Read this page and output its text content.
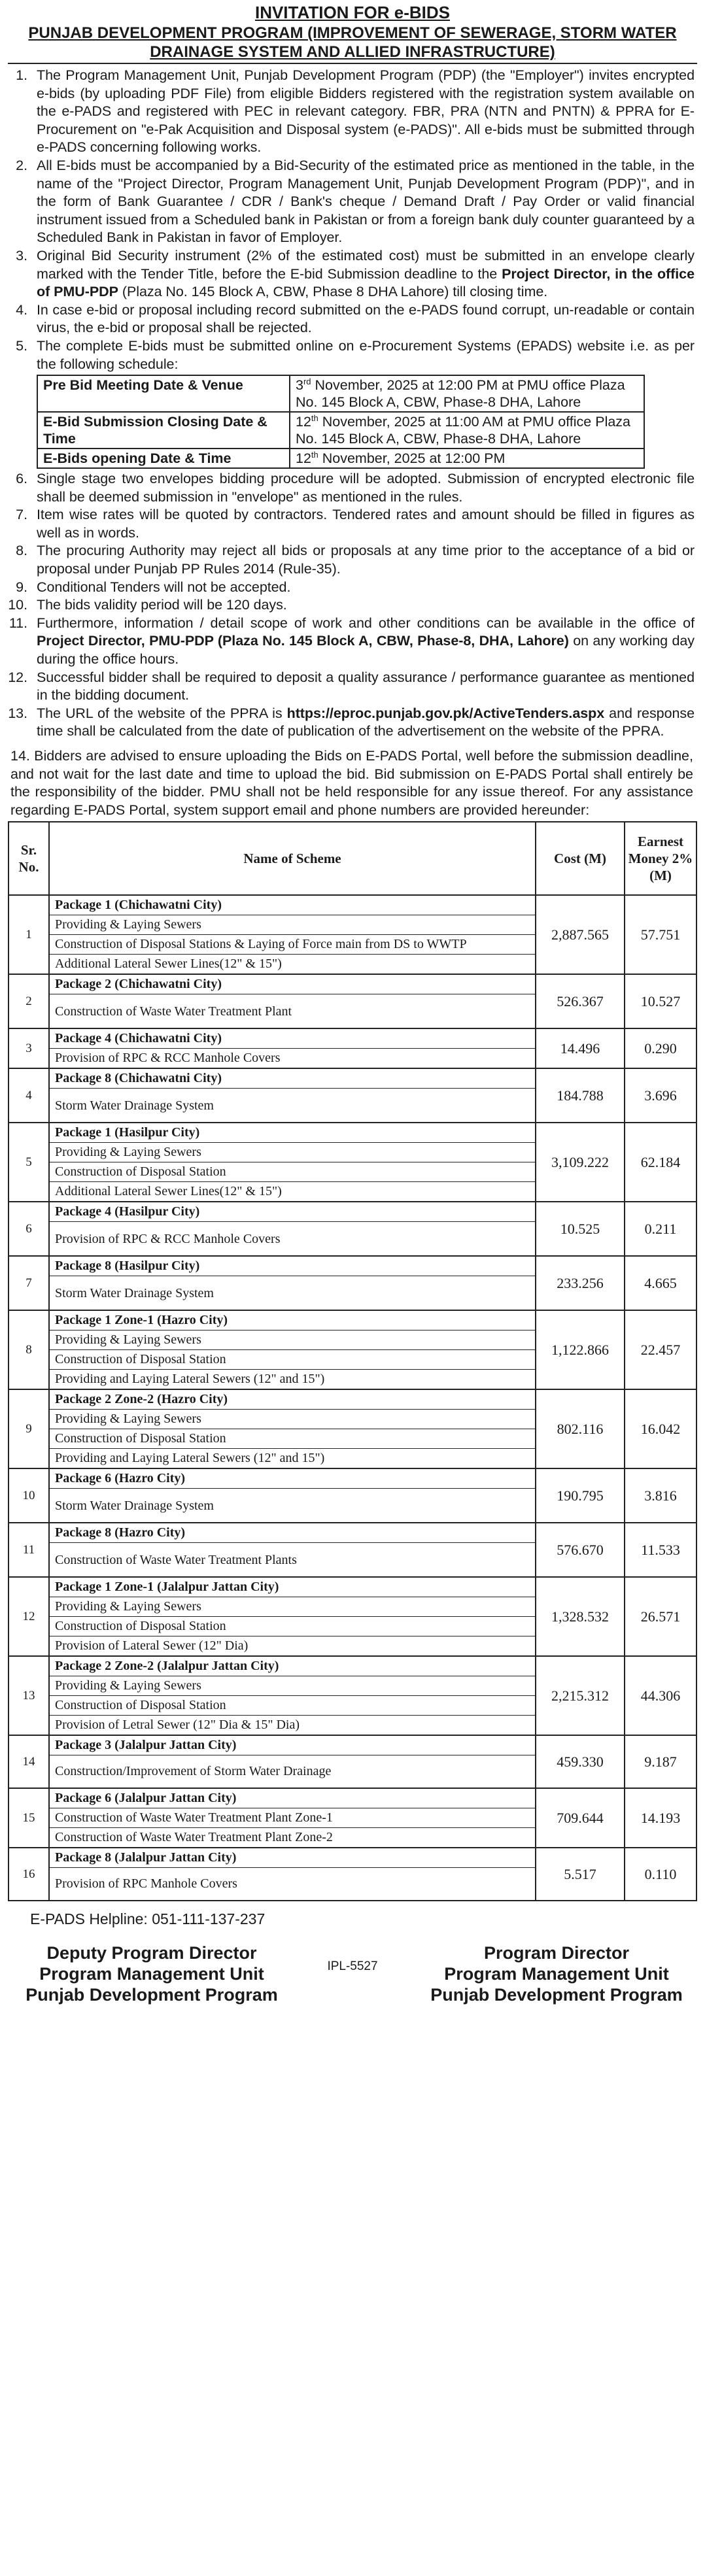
INVITATION FOR e-BIDS
PUNJAB DEVELOPMENT PROGRAM (IMPROVEMENT OF SEWERAGE, STORM WATER DRAINAGE SYSTEM AND ALLIED INFRASTRUCTURE)
1. The Program Management Unit, Punjab Development Program (PDP) (the "Employer") invites encrypted e-bids (by uploading PDF File) from eligible Bidders registered with the registration system available on the e-PADS and registered with PEC in relevant category. FBR, PRA (NTN and PNTN) & PPRA for E-Procurement on "e-Pak Acquisition and Disposal system (e-PADS)". All e-bids must be submitted through e-PADS concerning following works.
2. All E-bids must be accompanied by a Bid-Security of the estimated price as mentioned in the table, in the name of the "Project Director, Program Management Unit, Punjab Development Program (PDP)", and in the form of Bank Guarantee / CDR / Bank's cheque / Demand Draft / Pay Order or valid financial instrument issued from a Scheduled bank in Pakistan or from a foreign bank duly counter guaranteed by a Scheduled Bank in Pakistan in favor of Employer.
3. Original Bid Security instrument (2% of the estimated cost) must be submitted in an envelope clearly marked with the Tender Title, before the E-bid Submission deadline to the Project Director, in the office of PMU-PDP (Plaza No. 145 Block A, CBW, Phase 8 DHA Lahore) till closing time.
4. In case e-bid or proposal including record submitted on the e-PADS found corrupt, un-readable or contain virus, the e-bid or proposal shall be rejected.
5. The complete E-bids must be submitted online on e-Procurement Systems (EPADS) website i.e. as per the following schedule:
Pre Bid Meeting Date & Venue	3rd November, 2025 at 12:00 PM at PMU office Plaza No. 145 Block A, CBW, Phase-8 DHA, Lahore
E-Bid Submission Closing Date & Time	12th November, 2025 at 11:00 AM at PMU office Plaza No. 145 Block A, CBW, Phase-8 DHA, Lahore
E-Bids opening Date & Time	12th November, 2025 at 12:00 PM
6. Single stage two envelopes bidding procedure will be adopted. Submission of encrypted electronic file shall be deemed submission in "envelope" as mentioned in the rules.
7. Item wise rates will be quoted by contractors. Tendered rates and amount should be filled in figures as well as in words.
8. The procuring Authority may reject all bids or proposals at any time prior to the acceptance of a bid or proposal under Punjab PP Rules 2014 (Rule-35).
9. Conditional Tenders will not be accepted.
10. The bids validity period will be 120 days.
11. Furthermore, information / detail scope of work and other conditions can be available in the office of Project Director, PMU-PDP (Plaza No. 145 Block A, CBW, Phase-8, DHA, Lahore) on any working day during the office hours.
12. Successful bidder shall be required to deposit a quality assurance / performance guarantee as mentioned in the bidding document.
13. The URL of the website of the PPRA is https://eproc.punjab.gov.pk/ActiveTenders.aspx and response time shall be calculated from the date of publication of the advertisement on the website of the PPRA.
14. Bidders are advised to ensure uploading the Bids on E-PADS Portal, well before the submission deadline, and not wait for the last date and time to upload the bid. Bid submission on E-PADS Portal shall entirely be the responsibility of the bidder. PMU shall not be held responsible for any issue thereof. For any assistance regarding E-PADS Portal, system support email and phone numbers are provided hereunder:
Sr. No.	Name of Scheme	Cost (M)	Earnest Money 2% (M)
1	Package 1 (Chichawatni City)
Providing & Laying Sewers
Construction of Disposal Stations & Laying of Force main from DS to WWTP
Additional Lateral Sewer Lines(12" & 15")	2,887.565	57.751
2	Package 2 (Chichawatni City)
Construction of Waste Water Treatment Plant	526.367	10.527
3	Package 4 (Chichawatni City)
Provision of RPC & RCC Manhole Covers	14.496	0.290
4	Package 8 (Chichawatni City)
Storm Water Drainage System	184.788	3.696
5	Package 1 (Hasilpur City)
Providing & Laying Sewers
Construction of Disposal Station
Additional Lateral Sewer Lines(12" & 15")	3,109.222	62.184
6	Package 4 (Hasilpur City)
Provision of RPC & RCC Manhole Covers	10.525	0.211
7	Package 8 (Hasilpur City)
Storm Water Drainage System	233.256	4.665
8	Package 1 Zone-1 (Hazro City)
Providing & Laying Sewers
Construction of Disposal Station
Providing and Laying Lateral Sewers (12" and 15")	1,122.866	22.457
9	Package 2 Zone-2 (Hazro City)
Providing & Laying Sewers
Construction of Disposal Station
Providing and Laying Lateral Sewers (12" and 15")	802.116	16.042
10	Package 6 (Hazro City)
Storm Water Drainage System	190.795	3.816
11	Package 8 (Hazro City)
Construction of Waste Water Treatment Plants	576.670	11.533
12	Package 1 Zone-1 (Jalalpur Jattan City)
Providing & Laying Sewers
Construction of Disposal Station
Provision of Lateral Sewer (12" Dia)	1,328.532	26.571
13	Package 2 Zone-2 (Jalalpur Jattan City)
Providing & Laying Sewers
Construction of Disposal Station
Provision of Letral Sewer (12" Dia & 15" Dia)	2,215.312	44.306
14	Package 3 (Jalalpur Jattan City)
Construction/Improvement of Storm Water Drainage	459.330	9.187
15	Package 6 (Jalalpur Jattan City)
Construction of Waste Water Treatment Plant Zone-1
Construction of Waste Water Treatment Plant Zone-2	709.644	14.193
16	Package 8 (Jalalpur Jattan City)
Provision of RPC Manhole Covers	5.517	0.110
E-PADS Helpline: 051-111-137-237
Deputy Program Director
Program Management Unit
Punjab Development Program
IPL-5527
Program Director
Program Management Unit
Punjab Development Program
